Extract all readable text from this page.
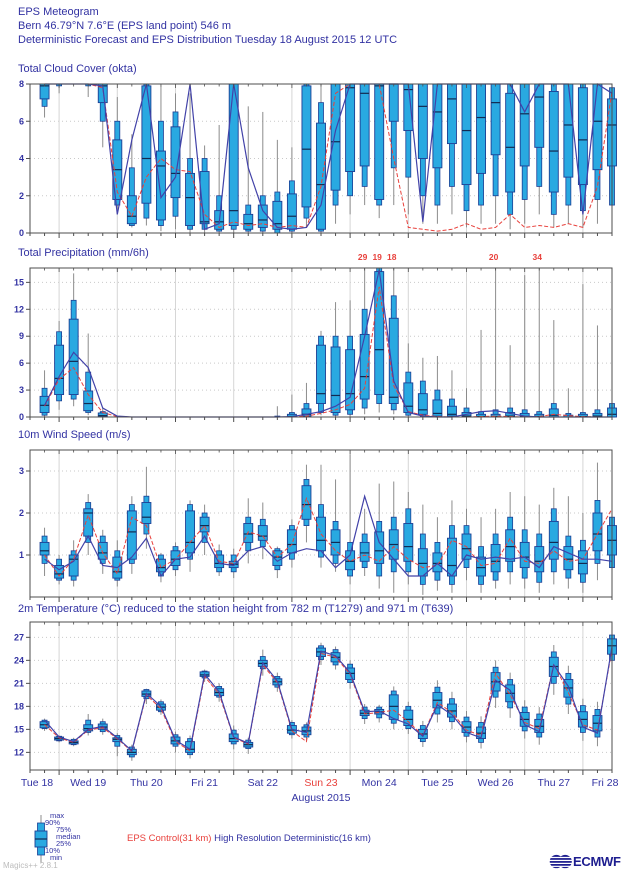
EPS Meteogram
Bern 46.79°N 7.6°E (EPS land point) 546 m
Deterministic Forecast and EPS Distribution Tuesday 18 August 2015 12 UTC
Total Cloud Cover (okta)
Total Precipitation (mm/6h)
10m Wind Speed (m/s)
2m Temperature (°C) reduced to the station height from 782 m (T1279) and 971 m (T639)
0
2
4
6
8
0
3
6
9
12
15
29 19 18	20	34
1
2
3
12
15
18
21
24
27
Tue 18 Wed 19 Thu 20	Fri 21	Sat 22	Sun 23 Mon 24 Tue 25 Wed 26 Thu 27 Fri 28
August 2015
max
90%
75%
median
25%
10%
min
EPS Control(31 km) High Resolution Deterministic(16 km)
Magics++ 2.8.1	ECMWF
